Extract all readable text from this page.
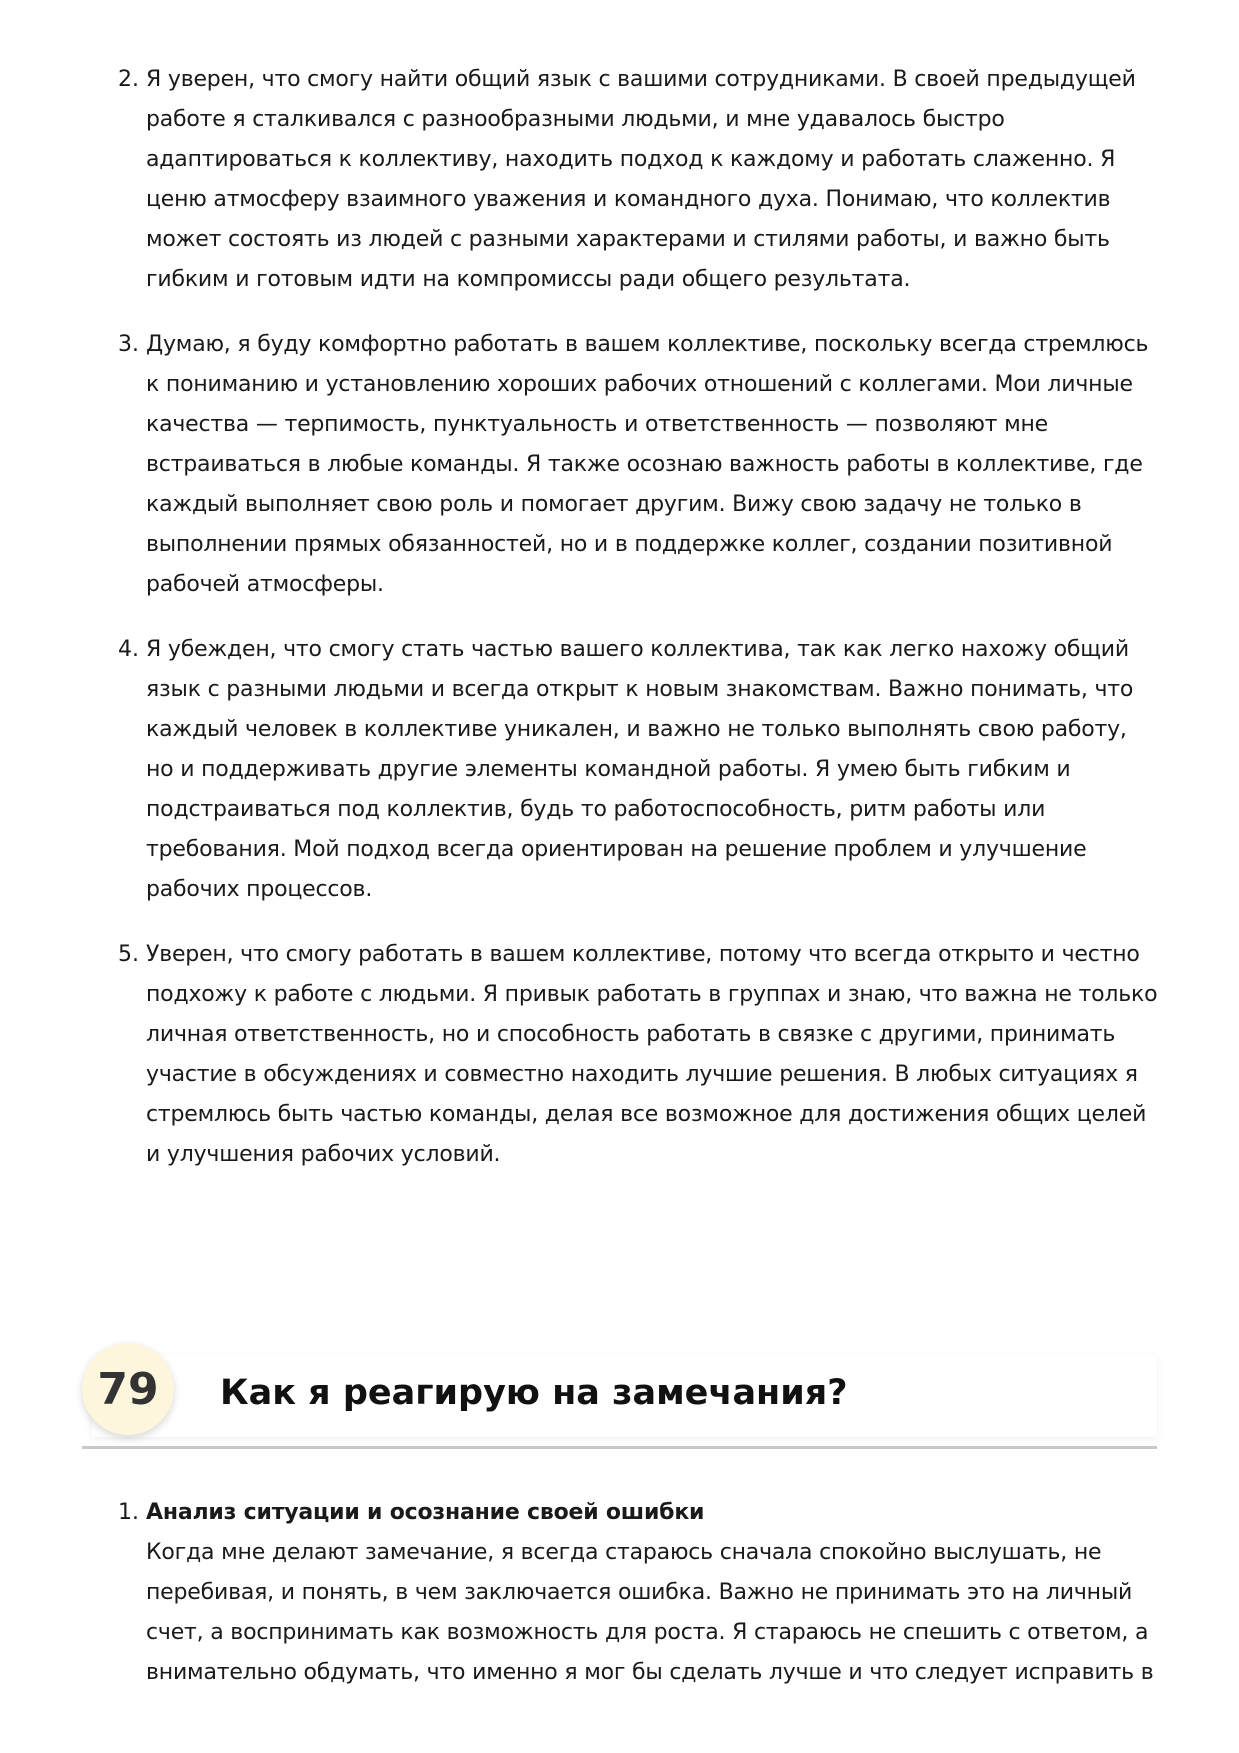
2. Я уверен, что смогу найти общий язык с вашими сотрудниками. В своей предыдущей работе я сталкивался с разнообразными людьми, и мне удавалось быстро адаптироваться к коллективу, находить подход к каждому и работать слаженно. Я ценю атмосферу взаимного уважения и командного духа. Понимаю, что коллектив может состоять из людей с разными характерами и стилями работы, и важно быть гибким и готовым идти на компромиссы ради общего результата.
3. Думаю, я буду комфортно работать в вашем коллективе, поскольку всегда стремлюсь к пониманию и установлению хороших рабочих отношений с коллегами. Мои личные качества — терпимость, пунктуальность и ответственность — позволяют мне встраиваться в любые команды. Я также осознаю важность работы в коллективе, где каждый выполняет свою роль и помогает другим. Вижу свою задачу не только в выполнении прямых обязанностей, но и в поддержке коллег, создании позитивной рабочей атмосферы.
4. Я убежден, что смогу стать частью вашего коллектива, так как легко нахожу общий язык с разными людьми и всегда открыт к новым знакомствам. Важно понимать, что каждый человек в коллективе уникален, и важно не только выполнять свою работу, но и поддерживать другие элементы командной работы. Я умею быть гибким и подстраиваться под коллектив, будь то работоспособность, ритм работы или требования. Мой подход всегда ориентирован на решение проблем и улучшение рабочих процессов.
5. Уверен, что смогу работать в вашем коллективе, потому что всегда открыто и честно подхожу к работе с людьми. Я привык работать в группах и знаю, что важна не только личная ответственность, но и способность работать в связке с другими, принимать участие в обсуждениях и совместно находить лучшие решения. В любых ситуациях я стремлюсь быть частью команды, делая все возможное для достижения общих целей и улучшения рабочих условий.
79	Как я реагирую на замечания?
1. Анализ ситуации и осознание своей ошибки
Когда мне делают замечание, я всегда стараюсь сначала спокойно выслушать, не перебивая, и понять, в чем заключается ошибка. Важно не принимать это на личный счет, а воспринимать как возможность для роста. Я стараюсь не спешить с ответом, а внимательно обдумать, что именно я мог бы сделать лучше и что следует исправить в
